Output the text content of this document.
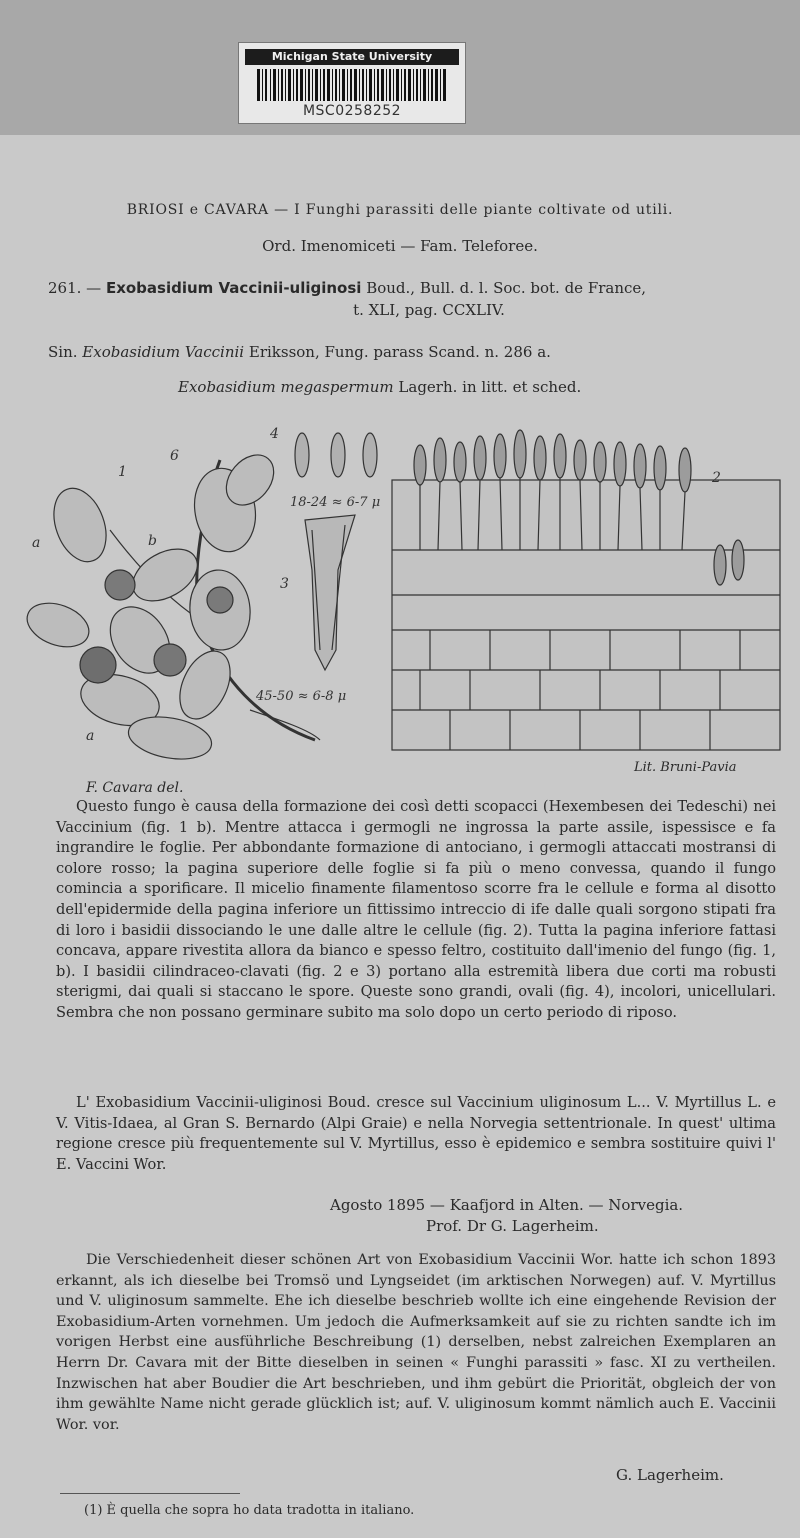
Michigan State University
MSC0258252
BRIOSI e CAVARA — I Funghi parassiti delle piante coltivate od utili.
Ord. Imenomiceti — Fam. Teleforee.
261. — Exobasidium Vaccinii-uliginosi Boud., Bull. d. l. Soc. bot. de France,
t. XLI, pag. CCXLIV.
Sin. Exobasidium Vaccinii Eriksson, Fung. parass Scand. n. 286 a.
Exobasidium megaspermum Lagerh. in litt. et sched.
4
1
6
a	b
3
a
2
18-24 ≈ 6-7 μ
45-50 ≈ 6-8 μ
F. Cavara del.
Lit. Bruni-Pavia
Questo fungo è causa della formazione dei così detti scopacci (Hexembesen dei Tedeschi) nei Vaccinium (fig. 1 b). Mentre attacca i germogli ne ingrossa la parte assile, ispessisce e fa ingrandire le foglie. Per abbondante formazione di antociano, i germogli attaccati mostransi di colore rosso; la pagina superiore delle foglie si fa più o meno convessa, quando il fungo comincia a sporificare. Il micelio finamente filamentoso scorre fra le cellule e forma al disotto dell'epidermide della pagina inferiore un fittissimo intreccio di ife dalle quali sorgono stipati fra di loro i basidii dissociando le une dalle altre le cellule (fig. 2). Tutta la pagina inferiore fattasi concava, appare rivestita allora da bianco e spesso feltro, costituito dall'imenio del fungo (fig. 1, b). I basidii cilindraceo-clavati (fig. 2 e 3) portano alla estremità libera due corti ma robusti sterigmi, dai quali si staccano le spore. Queste sono grandi, ovali (fig. 4), incolori, unicellulari. Sembra che non possano germinare subito ma solo dopo un certo periodo di riposo.
L' Exobasidium Vaccinii-uliginosi Boud. cresce sul Vaccinium uliginosum L... V. Myrtillus L. e V. Vitis-Idaea, al Gran S. Bernardo (Alpi Graie) e nella Norvegia settentrionale. In quest' ultima regione cresce più frequentemente sul V. Myrtillus, esso è epidemico e sembra sostituire quivi l' E. Vaccini Wor.
Agosto 1895 — Kaafjord in Alten. — Norvegia.
Prof. Dr G. Lagerheim.
Die Verschiedenheit dieser schönen Art von Exobasidium Vaccinii Wor. hatte ich schon 1893 erkannt, als ich dieselbe bei Tromsö und Lyngseidet (im arktischen Norwegen) auf. V. Myrtillus und V. uliginosum sammelte. Ehe ich dieselbe beschrieb wollte ich eine eingehende Revision der Exobasidium-Arten vornehmen. Um jedoch die Aufmerksamkeit auf sie zu richten sandte ich im vorigen Herbst eine ausführliche Beschreibung (1) derselben, nebst zalreichen Exemplaren an Herrn Dr. Cavara mit der Bitte dieselben in seinen « Funghi parassiti » fasc. XI zu vertheilen. Inzwischen hat aber Boudier die Art beschrieben, und ihm gebürt die Priorität, obgleich der von ihm gewählte Name nicht gerade glücklich ist; auf. V. uliginosum kommt nämlich auch E. Vaccinii Wor. vor.
G. Lagerheim.
(1) È quella che sopra ho data tradotta in italiano.
